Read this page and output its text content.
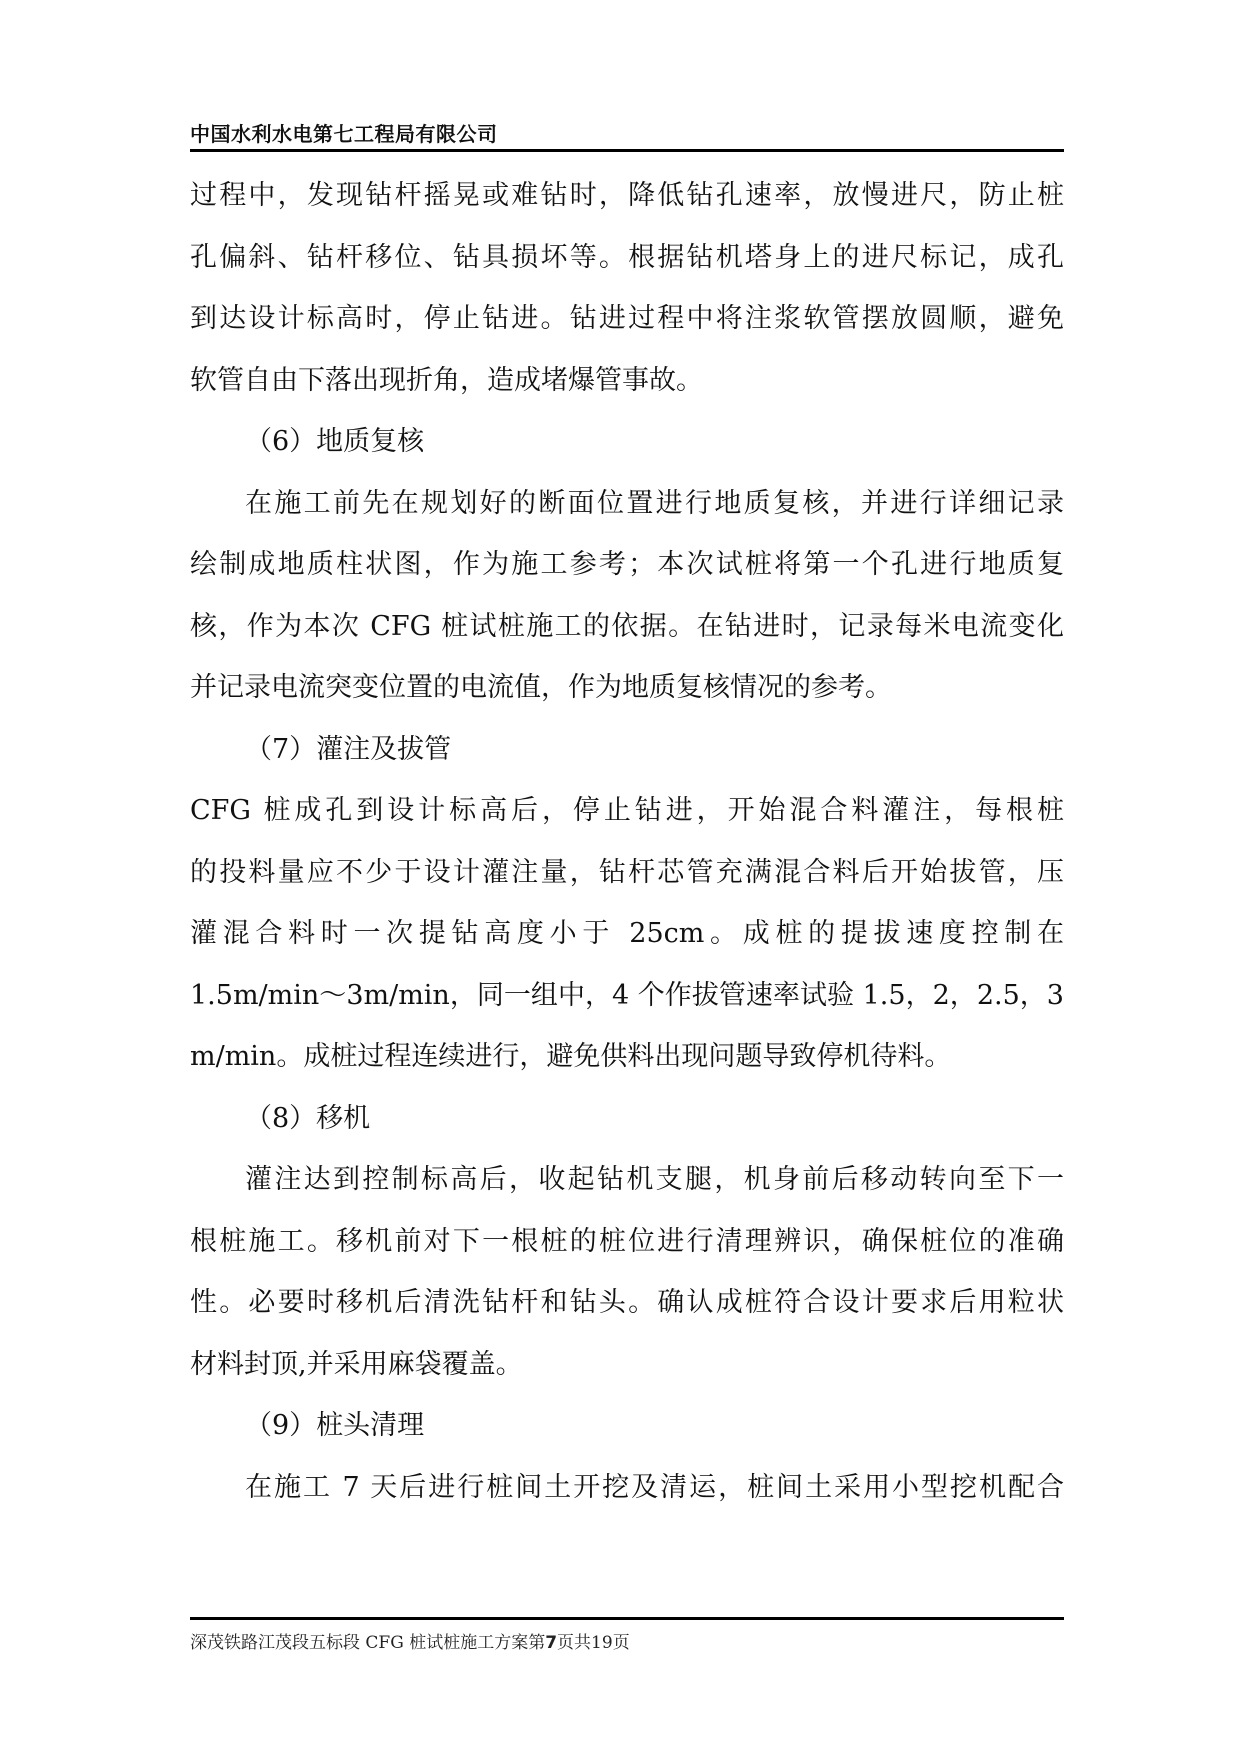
中国水利水电第七工程局有限公司
过程中，发现钻杆摇晃或难钻时，降低钻孔速率，放慢进尺，防止桩
孔偏斜、钻杆移位、钻具损坏等。根据钻机塔身上的进尺标记，成孔
到达设计标高时，停止钻进。钻进过程中将注浆软管摆放圆顺，避免
软管自由下落出现折角，造成堵爆管事故。
（6）地质复核
在施工前先在规划好的断面位置进行地质复核，并进行详细记录
绘制成地质柱状图，作为施工参考；本次试桩将第一个孔进行地质复
核，作为本次 CFG 桩试桩施工的依据。在钻进时，记录每米电流变化
并记录电流突变位置的电流值，作为地质复核情况的参考。
（7）灌注及拔管
CFG 桩成孔到设计标高后，停止钻进，开始混合料灌注，每根桩
的投料量应不少于设计灌注量，钻杆芯管充满混合料后开始拔管，压
灌混合料时一次提钻高度小于 25cm。成桩的提拔速度控制在
1.5m/min～3m/min，同一组中，4 个作拔管速率试验 1.5，2，2.5，3
m/min。成桩过程连续进行，避免供料出现问题导致停机待料。
（8）移机
灌注达到控制标高后，收起钻机支腿，机身前后移动转向至下一
根桩施工。移机前对下一根桩的桩位进行清理辨识，确保桩位的准确
性。必要时移机后清洗钻杆和钻头。确认成桩符合设计要求后用粒状
材料封顶,并采用麻袋覆盖。
（9）桩头清理
在施工 7 天后进行桩间土开挖及清运，桩间土采用小型挖机配合
深茂铁路江茂段五标段 CFG 桩试桩施工方案第7页共19页
